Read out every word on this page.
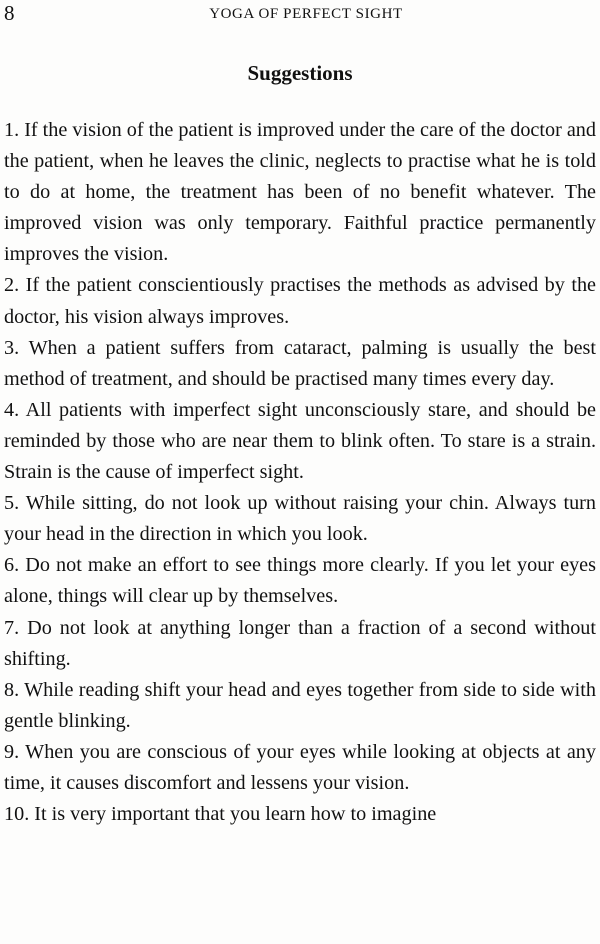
8	YOGA OF PERFECT SIGHT
Suggestions

1. If the vision of the patient is improved under the care of the doctor and the patient, when he leaves the clinic, neglects to practise what he is told to do at home, the treatment has been of no benefit whatever. The improved vision was only temporary. Faithful practice permanently improves the vision.

2. If the patient conscientiously practises the methods as advised by the doctor, his vision always improves.

3. When a patient suffers from cataract, palming is usually the best method of treatment, and should be practised many times every day.

4. All patients with imperfect sight unconsciously stare, and should be reminded by those who are near them to blink often. To stare is a strain. Strain is the cause of imperfect sight.

5. While sitting, do not look up without raising your chin. Always turn your head in the direction in which you look.

6. Do not make an effort to see things more clearly. If you let your eyes alone, things will clear up by themselves.

7. Do not look at anything longer than a fraction of a second without shifting.

8. While reading shift your head and eyes together from side to side with gentle blinking.

9. When you are conscious of your eyes while looking at objects at any time, it causes discomfort and lessens your vision.

10. It is very important that you learn how to imagine
